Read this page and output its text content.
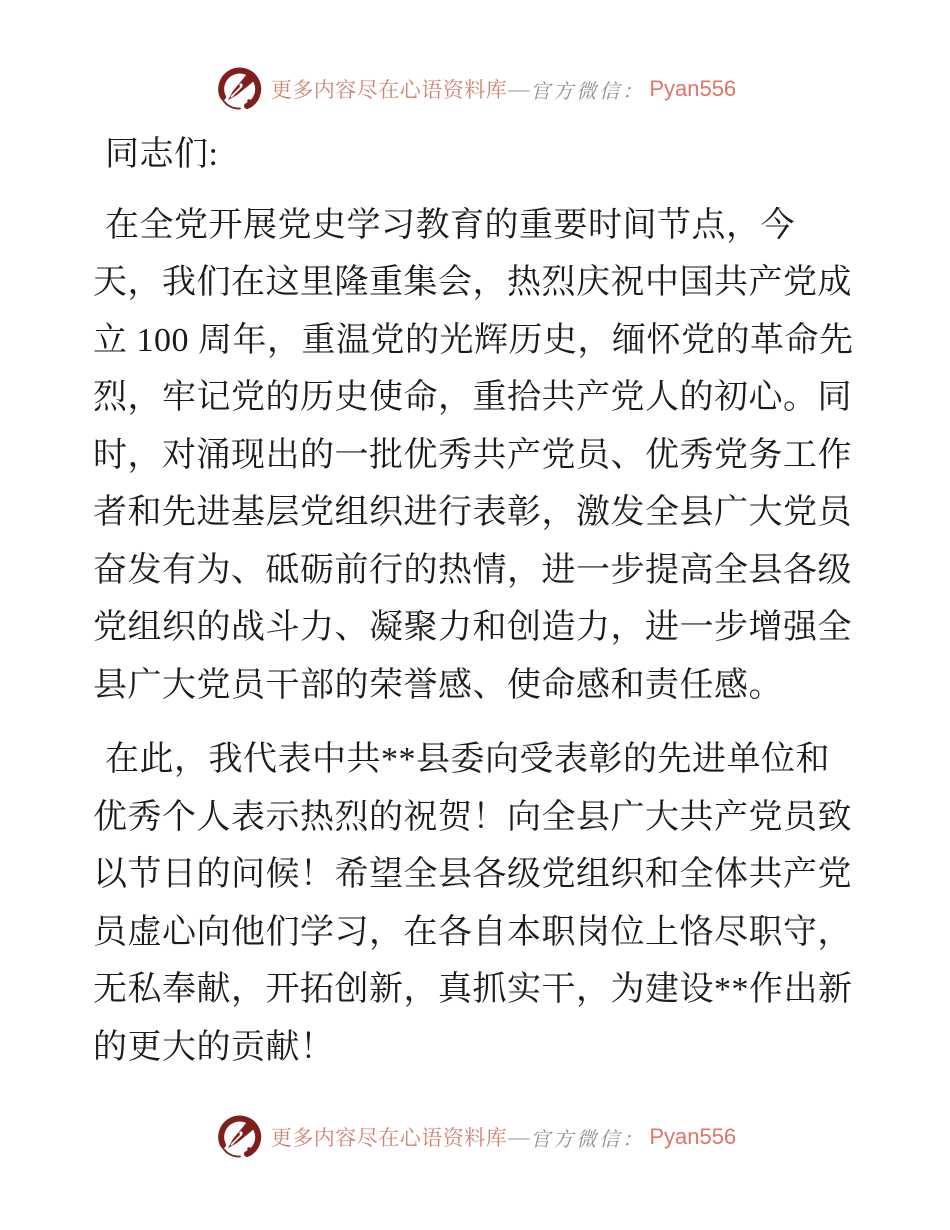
更多内容尽在心语资料库 — 官方微信： Pyan556
同志们:
在全党开展党史学习教育的重要时间节点，今
天，我们在这里隆重集会，热烈庆祝中国共产党成
立 100 周年，重温党的光辉历史，缅怀党的革命先
烈，牢记党的历史使命，重拾共产党人的初心。同
时，对涌现出的一批优秀共产党员、优秀党务工作
者和先进基层党组织进行表彰，激发全县广大党员
奋发有为、砥砺前行的热情，进一步提高全县各级
党组织的战斗力、凝聚力和创造力，进一步增强全
县广大党员干部的荣誉感、使命感和责任感。
在此，我代表中共**县委向受表彰的先进单位和
优秀个人表示热烈的祝贺！向全县广大共产党员致
以节日的问候！希望全县各级党组织和全体共产党
员虚心向他们学习，在各自本职岗位上恪尽职守，
无私奉献，开拓创新，真抓实干，为建设**作出新
的更大的贡献！
更多内容尽在心语资料库 — 官方微信： Pyan556
